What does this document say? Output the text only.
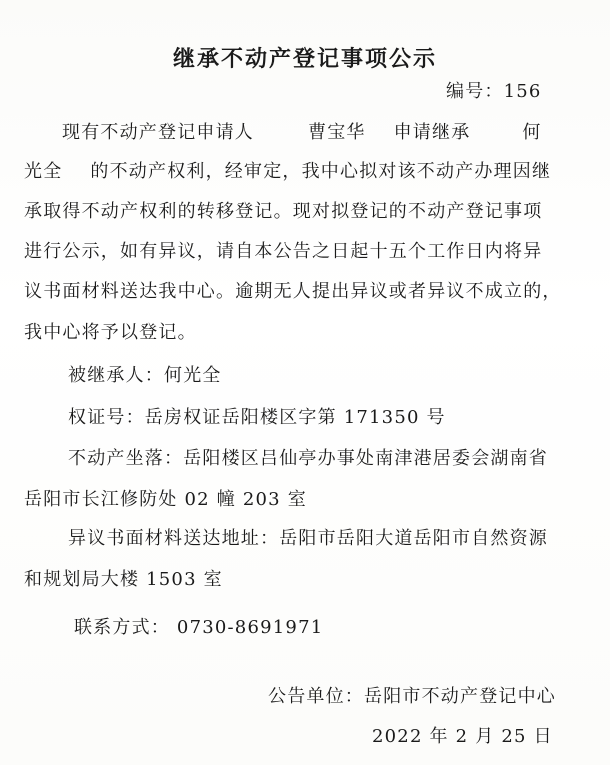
继承不动产登记事项公示
编号：156
现有不动产登记申请人	曹宝华 申请继承	何
光全 的不动产权利，经审定，我中心拟对该不动产办理因继
承取得不动产权利的转移登记。现对拟登记的不动产登记事项
进行公示，如有异议，请自本公告之日起十五个工作日内将异
议书面材料送达我中心。逾期无人提出异议或者异议不成立的，
我中心将予以登记。
被继承人：何光全
权证号：岳房权证岳阳楼区字第 171350 号
不动产坐落：岳阳楼区吕仙亭办事处南津港居委会湖南省
岳阳市长江修防处 02 幢 203 室
异议书面材料送达地址：岳阳市岳阳大道岳阳市自然资源
和规划局大楼 1503 室
联系方式： 0730-8691971
公告单位：岳阳市不动产登记中心
2022 年 2 月 25 日
